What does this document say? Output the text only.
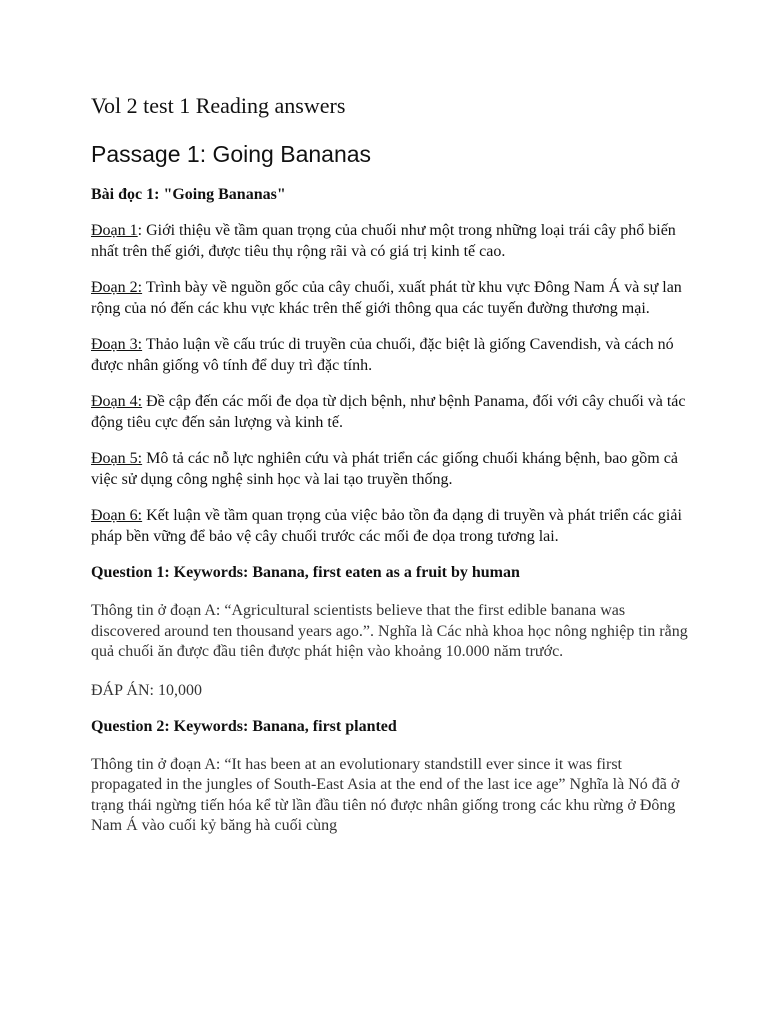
Vol 2 test 1 Reading answers
Passage 1: Going Bananas

Bài đọc 1: "Going Bananas"

Đoạn 1: Giới thiệu về tầm quan trọng của chuối như một trong những loại trái cây phổ biến nhất trên thế giới, được tiêu thụ rộng rãi và có giá trị kinh tế cao.

Đoạn 2: Trình bày về nguồn gốc của cây chuối, xuất phát từ khu vực Đông Nam Á và sự lan rộng của nó đến các khu vực khác trên thế giới thông qua các tuyến đường thương mại.

Đoạn 3: Thảo luận về cấu trúc di truyền của chuối, đặc biệt là giống Cavendish, và cách nó được nhân giống vô tính để duy trì đặc tính.

Đoạn 4: Đề cập đến các mối đe dọa từ dịch bệnh, như bệnh Panama, đối với cây chuối và tác động tiêu cực đến sản lượng và kinh tế.

Đoạn 5: Mô tả các nỗ lực nghiên cứu và phát triển các giống chuối kháng bệnh, bao gồm cả việc sử dụng công nghệ sinh học và lai tạo truyền thống.

Đoạn 6: Kết luận về tầm quan trọng của việc bảo tồn đa dạng di truyền và phát triển các giải pháp bền vững để bảo vệ cây chuối trước các mối đe dọa trong tương lai.

Question 1: Keywords: Banana, first eaten as a fruit by human

Thông tin ở đoạn A: “Agricultural scientists believe that the first edible banana was discovered around ten thousand years ago.”. Nghĩa là Các nhà khoa học nông nghiệp tin rằng quả chuối ăn được đầu tiên được phát hiện vào khoảng 10.000 năm trước.

ĐÁP ÁN: 10,000

Question 2: Keywords: Banana, first planted

Thông tin ở đoạn A: “It has been at an evolutionary standstill ever since it was first propagated in the jungles of South-East Asia at the end of the last ice age” Nghĩa là Nó đã ở trạng thái ngừng tiến hóa kể từ lần đầu tiên nó được nhân giống trong các khu rừng ở Đông Nam Á vào cuối kỷ băng hà cuối cùng
